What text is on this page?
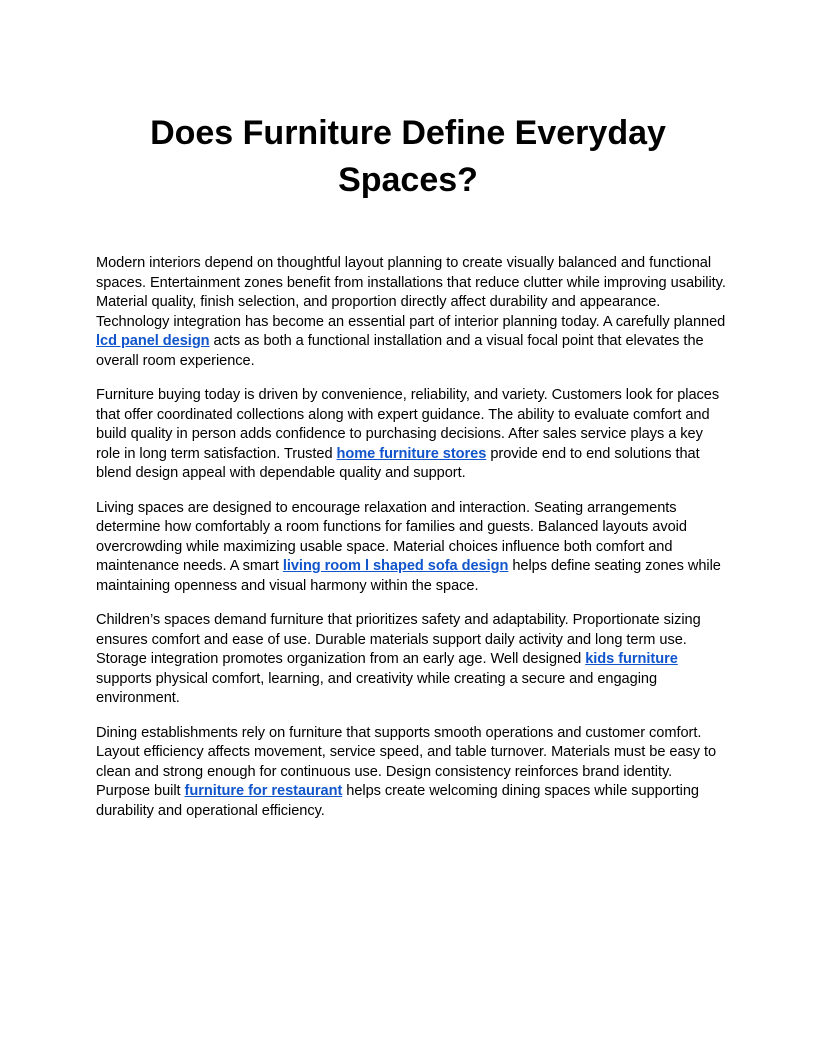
Does Furniture Define Everyday
Spaces?

Modern interiors depend on thoughtful layout planning to create visually balanced and functional spaces. Entertainment zones benefit from installations that reduce clutter while improving usability. Material quality, finish selection, and proportion directly affect durability and appearance. Technology integration has become an essential part of interior planning today. A carefully planned lcd panel design acts as both a functional installation and a visual focal point that elevates the overall room experience.

Furniture buying today is driven by convenience, reliability, and variety. Customers look for places that offer coordinated collections along with expert guidance. The ability to evaluate comfort and build quality in person adds confidence to purchasing decisions. After sales service plays a key role in long term satisfaction. Trusted home furniture stores provide end to end solutions that blend design appeal with dependable quality and support.

Living spaces are designed to encourage relaxation and interaction. Seating arrangements determine how comfortably a room functions for families and guests. Balanced layouts avoid overcrowding while maximizing usable space. Material choices influence both comfort and maintenance needs. A smart living room l shaped sofa design helps define seating zones while maintaining openness and visual harmony within the space.

Children’s spaces demand furniture that prioritizes safety and adaptability. Proportionate sizing ensures comfort and ease of use. Durable materials support daily activity and long term use. Storage integration promotes organization from an early age. Well designed kids furniture supports physical comfort, learning, and creativity while creating a secure and engaging environment.

Dining establishments rely on furniture that supports smooth operations and customer comfort. Layout efficiency affects movement, service speed, and table turnover. Materials must be easy to clean and strong enough for continuous use. Design consistency reinforces brand identity. Purpose built furniture for restaurant helps create welcoming dining spaces while supporting durability and operational efficiency.
